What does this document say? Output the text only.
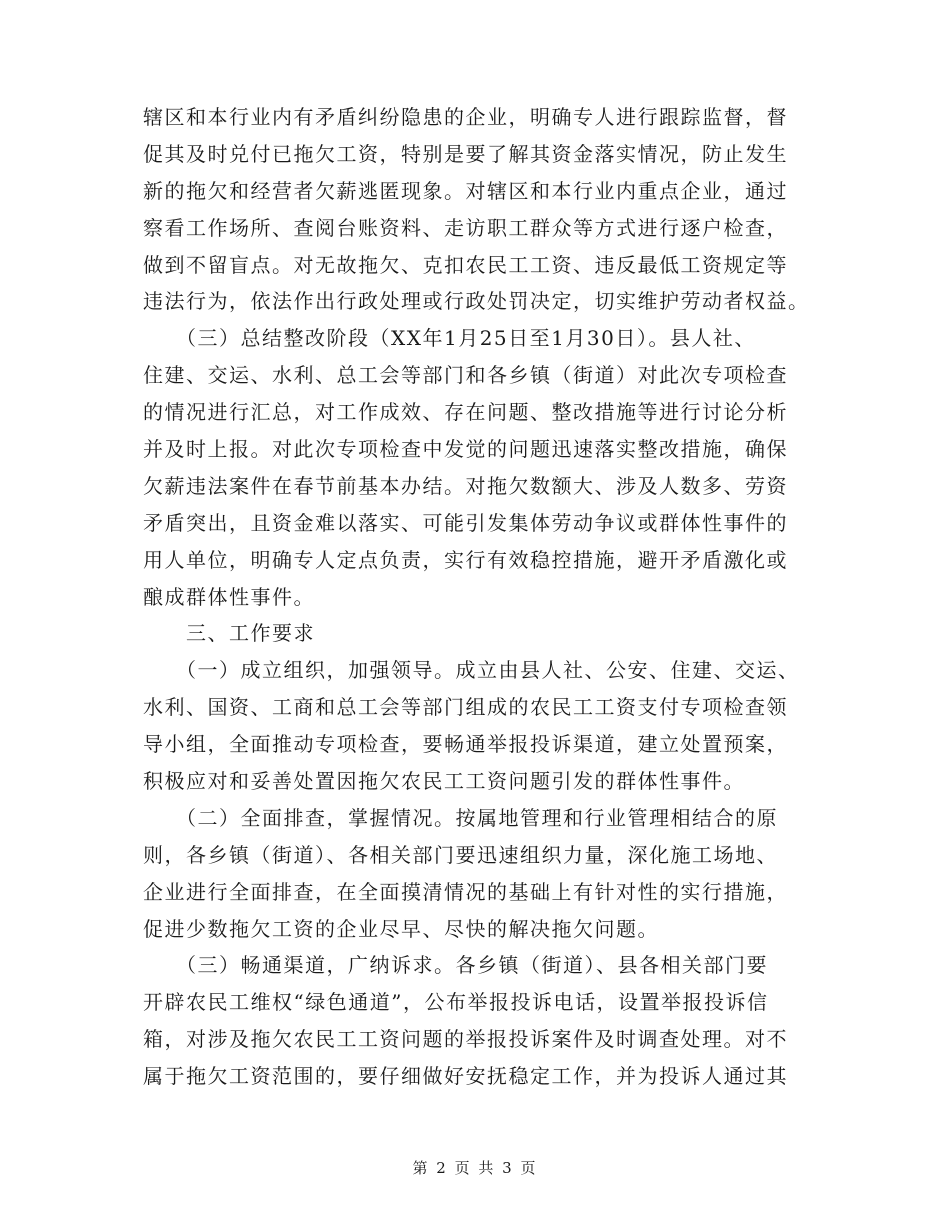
辖区和本行业内有矛盾纠纷隐患的企业，明确专人进行跟踪监督，督
促其及时兑付已拖欠工资，特别是要了解其资金落实情况，防止发生
新的拖欠和经营者欠薪逃匿现象。对辖区和本行业内重点企业，通过
察看工作场所、查阅台账资料、走访职工群众等方式进行逐户检查，
做到不留盲点。对无故拖欠、克扣农民工工资、违反最低工资规定等
违法行为，依法作出行政处理或行政处罚决定，切实维护劳动者权益。
　　（三）总结整改阶段（XX年1月25日至1月30日）。县人社、
住建、交运、水利、总工会等部门和各乡镇（街道）对此次专项检查
的情况进行汇总，对工作成效、存在问题、整改措施等进行讨论分析
并及时上报。对此次专项检查中发觉的问题迅速落实整改措施，确保
欠薪违法案件在春节前基本办结。对拖欠数额大、涉及人数多、劳资
矛盾突出，且资金难以落实、可能引发集体劳动争议或群体性事件的
用人单位，明确专人定点负责，实行有效稳控措施，避开矛盾激化或
酿成群体性事件。
　　三、工作要求
　　（一）成立组织，加强领导。成立由县人社、公安、住建、交运、
水利、国资、工商和总工会等部门组成的农民工工资支付专项检查领
导小组，全面推动专项检查，要畅通举报投诉渠道，建立处置预案，
积极应对和妥善处置因拖欠农民工工资问题引发的群体性事件。
　　（二）全面排查，掌握情况。按属地管理和行业管理相结合的原
则，各乡镇（街道）、各相关部门要迅速组织力量，深化施工场地、
企业进行全面排查，在全面摸清情况的基础上有针对性的实行措施，
促进少数拖欠工资的企业尽早、尽快的解决拖欠问题。
　　（三）畅通渠道，广纳诉求。各乡镇（街道）、县各相关部门要
开辟农民工维权“绿色通道”，公布举报投诉电话，设置举报投诉信
箱，对涉及拖欠农民工工资问题的举报投诉案件及时调查处理。对不
属于拖欠工资范围的，要仔细做好安抚稳定工作，并为投诉人通过其
第 2 页 共 3 页
